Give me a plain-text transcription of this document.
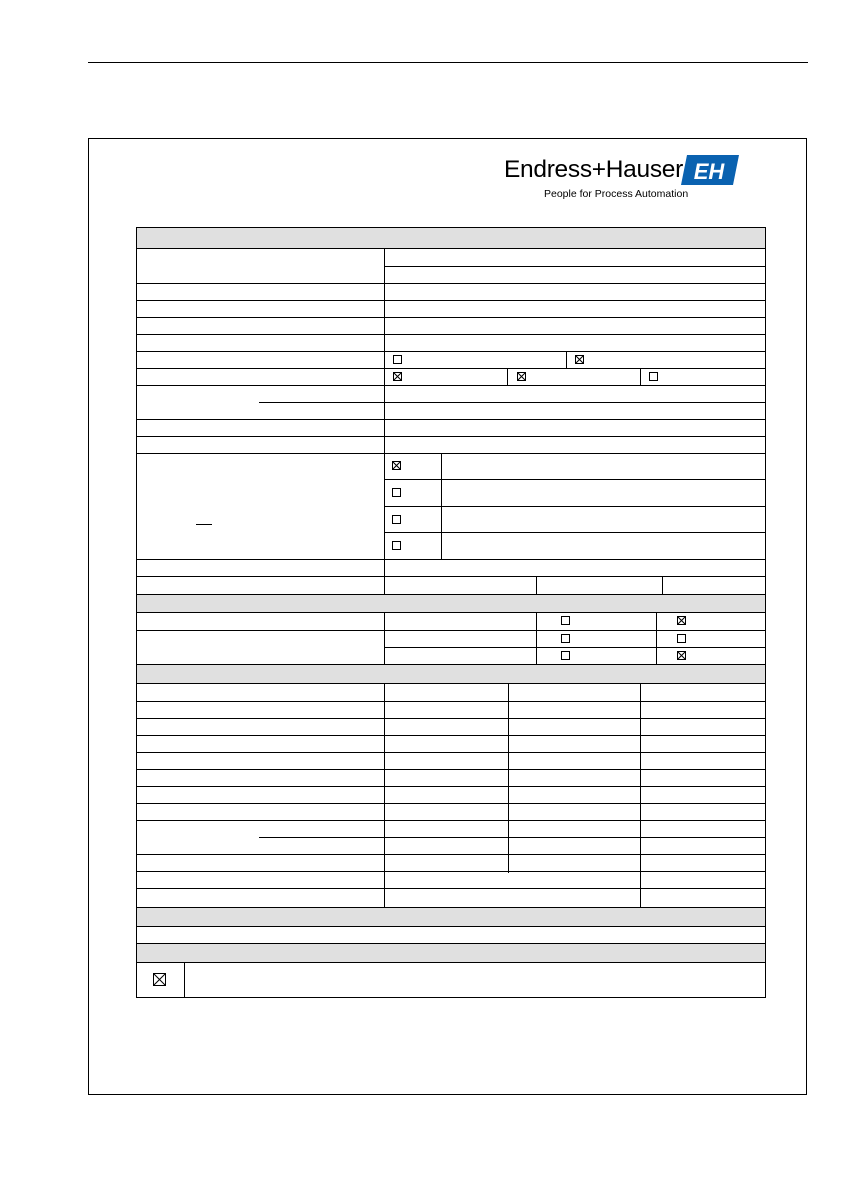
Endress+Hauser
People for Process Automation
EH
